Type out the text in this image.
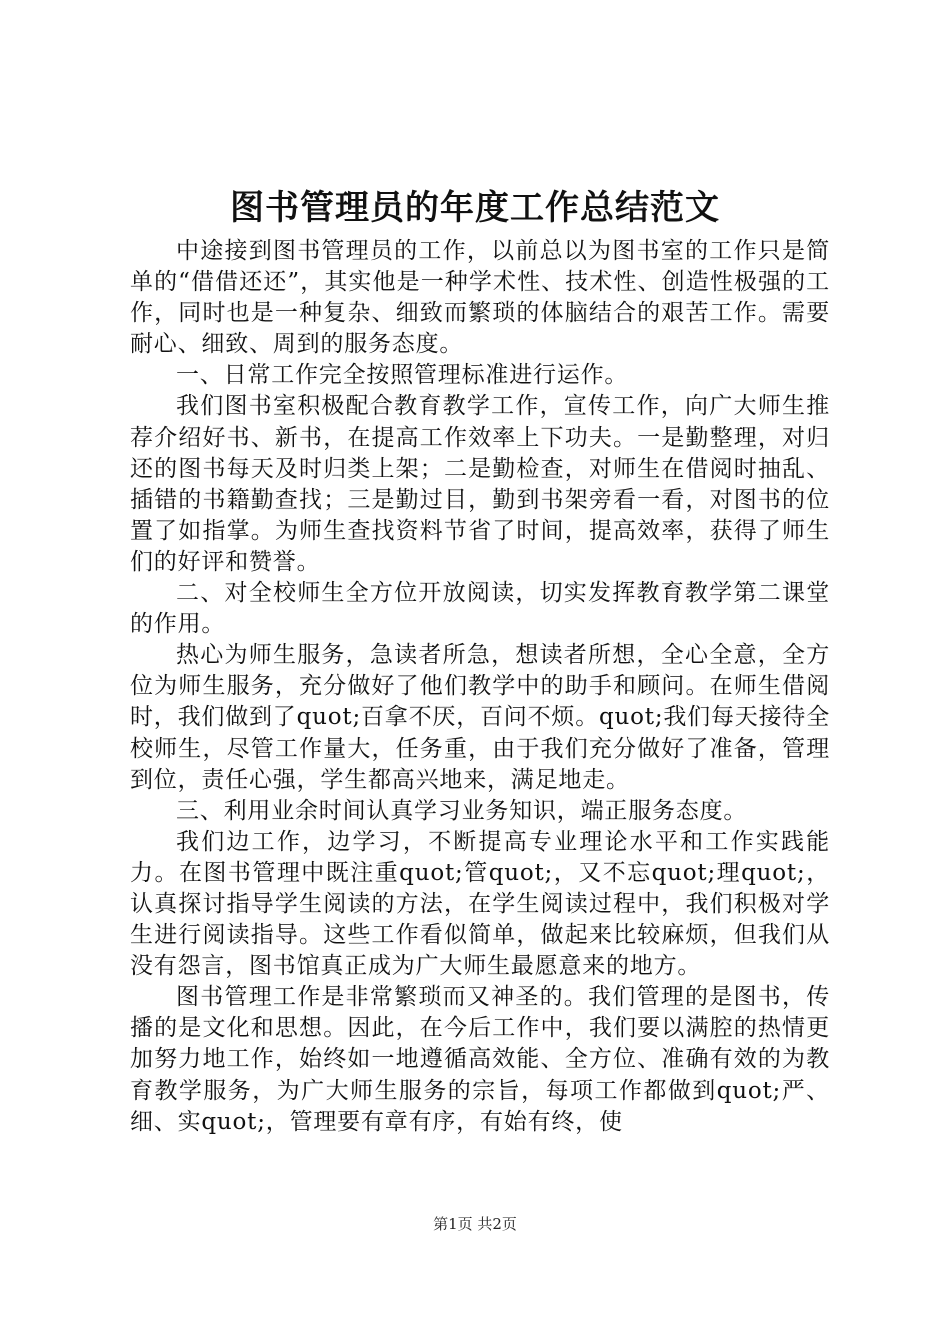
图书管理员的年度工作总结范文

中途接到图书管理员的工作，以前总以为图书室的工作只是简单的“借借还还”，其实他是一种学术性、技术性、创造性极强的工作，同时也是一种复杂、细致而繁琐的体脑结合的艰苦工作。需要耐心、细致、周到的服务态度。

一、日常工作完全按照管理标准进行运作。

我们图书室积极配合教育教学工作，宣传工作，向广大师生推荐介绍好书、新书，在提高工作效率上下功夫。一是勤整理，对归还的图书每天及时归类上架；二是勤检查，对师生在借阅时抽乱、插错的书籍勤查找；三是勤过目，勤到书架旁看一看，对图书的位置了如指掌。为师生查找资料节省了时间，提高效率，获得了师生们的好评和赞誉。

二、对全校师生全方位开放阅读，切实发挥教育教学第二课堂的作用。

热心为师生服务，急读者所急，想读者所想，全心全意，全方位为师生服务，充分做好了他们教学中的助手和顾问。在师生借阅时，我们做到了quot;百拿不厌，百问不烦。quot;我们每天接待全校师生，尽管工作量大，任务重，由于我们充分做好了准备，管理到位，责任心强，学生都高兴地来，满足地走。

三、利用业余时间认真学习业务知识，端正服务态度。

我们边工作，边学习，不断提高专业理论水平和工作实践能力。在图书管理中既注重quot;管quot;，又不忘quot;理quot;，认真探讨指导学生阅读的方法，在学生阅读过程中，我们积极对学生进行阅读指导。这些工作看似简单，做起来比较麻烦，但我们从没有怨言，图书馆真正成为广大师生最愿意来的地方。

图书管理工作是非常繁琐而又神圣的。我们管理的是图书，传播的是文化和思想。因此，在今后工作中，我们要以满腔的热情更加努力地工作，始终如一地遵循高效能、全方位、准确有效的为教育教学服务，为广大师生服务的宗旨，每项工作都做到quot;严、细、实quot;，管理要有章有序，有始有终，使

第1页 共2页
